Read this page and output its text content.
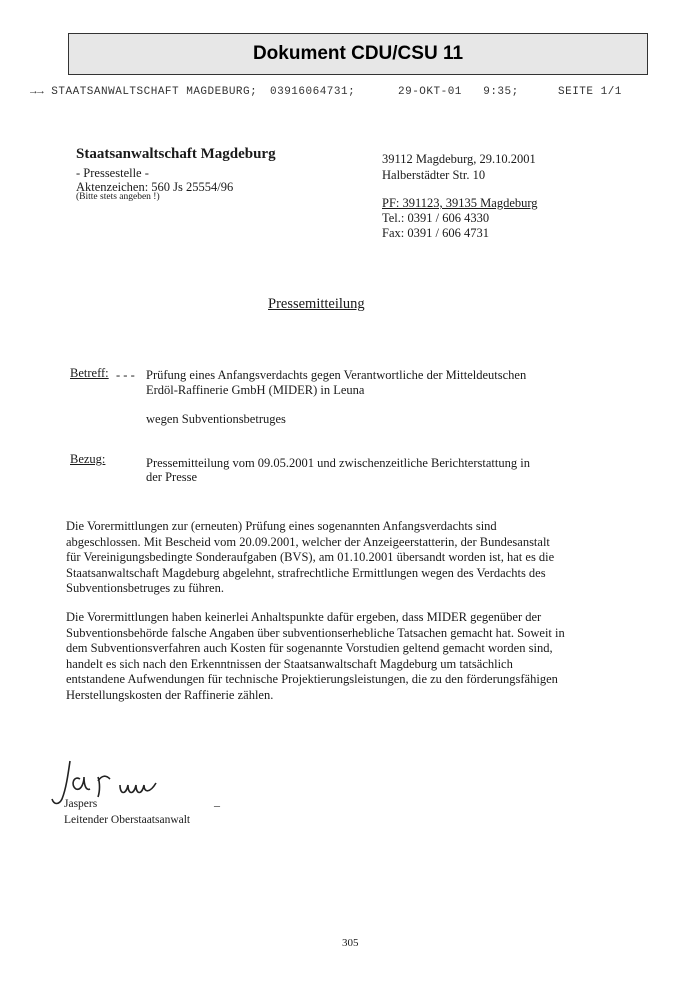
Dokument CDU/CSU 11
→→ STAATSANWALTSCHAFT MAGDEBURG; 03916064731;	29-OKT-01   9:35;	SEITE 1/1
Staatsanwaltschaft Magdeburg
- Pressestelle -
Aktenzeichen: 560 Js 25554/96
(Bitte stets angeben !)
39112 Magdeburg, 29.10.2001
Halberstädter Str. 10
PF: 391123, 39135 Magdeburg
Tel.: 0391 / 606 4330
Fax: 0391 / 606 4731
Pressemitteilung
Betreff: - - - Prüfung eines Anfangsverdachts gegen Verantwortliche der Mitteldeutschen
Erdöl-Raffinerie GmbH (MIDER) in Leuna
wegen Subventionsbetruges
Bezug:	Pressemitteilung vom 09.05.2001 und zwischenzeitliche Berichterstattung in
der Presse
Die Vorermittlungen zur (erneuten) Prüfung eines sogenannten Anfangsverdachts sind abgeschlossen. Mit Bescheid vom 20.09.2001, welcher der Anzeigeerstatterin, der Bundesanstalt für Vereinigungsbedingte Sonderaufgaben (BVS), am 01.10.2001 übersandt worden ist, hat es die Staatsanwaltschaft Magdeburg abgelehnt, strafrechtliche Ermittlungen wegen des Verdachts des Subventionsbetruges zu führen.
Die Vorermittlungen haben keinerlei Anhaltspunkte dafür ergeben, dass MIDER gegenüber der Subventionsbehörde falsche Angaben über subventionserhebliche Tatsachen gemacht hat. Soweit in dem Subventionsverfahren auch Kosten für sogenannte Vorstudien geltend gemacht worden sind, handelt es sich nach den Erkenntnissen der Staatsanwaltschaft Magdeburg um tatsächlich entstandene Aufwendungen für technische Projektierungsleistungen, die zu den förderungsfähigen Herstellungskosten der Raffinerie zählen.
–
Jaspers
Leitender Oberstaatsanwalt
305
